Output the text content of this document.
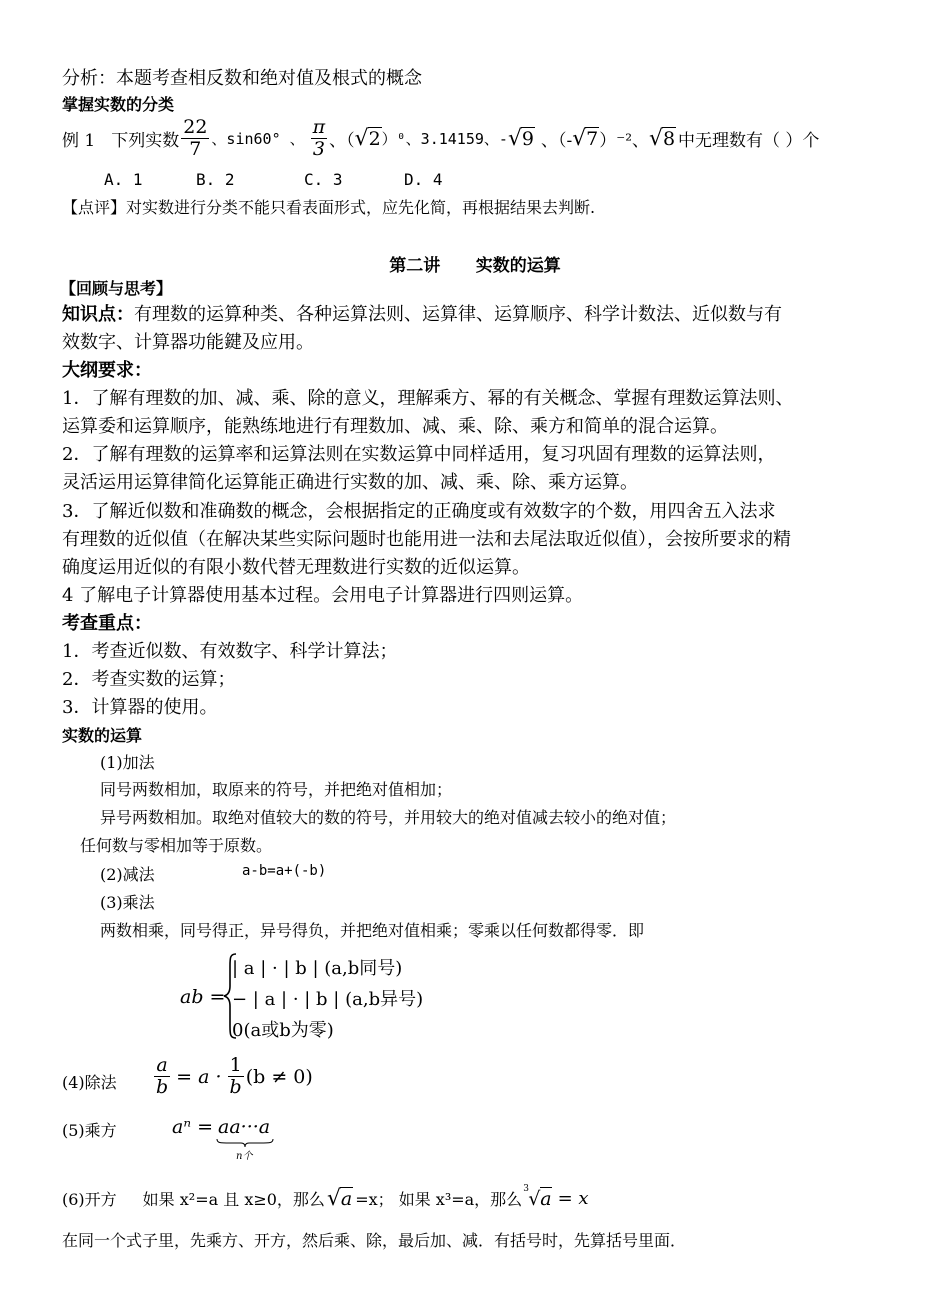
分析：本题考查相反数和绝对值及根式的概念
掌握实数的分类
例 1 下列实数 $\frac{22}{7}$ 、sin60° 、 $\frac{\pi}{3}$ 、（ √2 ）⁰、3.14159、- √9 、（- √7 ）⁻²、 √8 中无理数有（ ）个
A. 1	B. 2	C. 3	D. 4
【点评】对实数进行分类不能只看表面形式，应先化简，再根据结果去判断.
第二讲      实数的运算
【回顾与思考】
知识点：有理数的运算种类、各种运算法则、运算律、运算顺序、科学计数法、近似数与有
效数字、计算器功能鍵及应用。
大纲要求：
1．了解有理数的加、减、乘、除的意义，理解乘方、幂的有关概念、掌握有理数运算法则、
运算委和运算顺序，能熟练地进行有理数加、减、乘、除、乘方和简单的混合运算。
2．了解有理数的运算率和运算法则在实数运算中同样适用，复习巩固有理数的运算法则，
灵活运用运算律简化运算能正确进行实数的加、减、乘、除、乘方运算。
3．了解近似数和准确数的概念，会根据指定的正确度或有效数字的个数，用四舍五入法求
有理数的近似值（在解决某些实际问题时也能用进一法和去尾法取近似值），会按所要求的精
确度运用近似的有限小数代替无理数进行实数的近似运算。
4 了解电子计算器使用基本过程。会用电子计算器进行四则运算。
考查重点：
1．考查近似数、有效数字、科学计算法；
2．考查实数的运算；
3．计算器的使用。
实数的运算
(1)加法
同号两数相加，取原来的符号，并把绝对值相加；
异号两数相加。取绝对值较大的数的符号，并用较大的绝对值减去较小的绝对值；
任何数与零相加等于原数。
(2)减法	a-b=a+(-b)
(3)乘法
两数相乘，同号得正，异号得负，并把绝对值相乘；零乘以任何数都得零．即
ab =
| a | · | b | (a,b同号)
− | a | · | b | (a,b异号)
0(a或b为零)
(4)除法 $\frac{a}{b} = a \cdot \frac{1}{b} (b \ne 0)$
(5)乘方	aⁿ = aa···a
n个
(6)开方 如果 x²=a 且 x≥0，那么 √a =x； 如果 x³=a，那么
3 √a = x
在同一个式子里，先乘方、开方，然后乘、除，最后加、减．有括号时，先算括号里面．
